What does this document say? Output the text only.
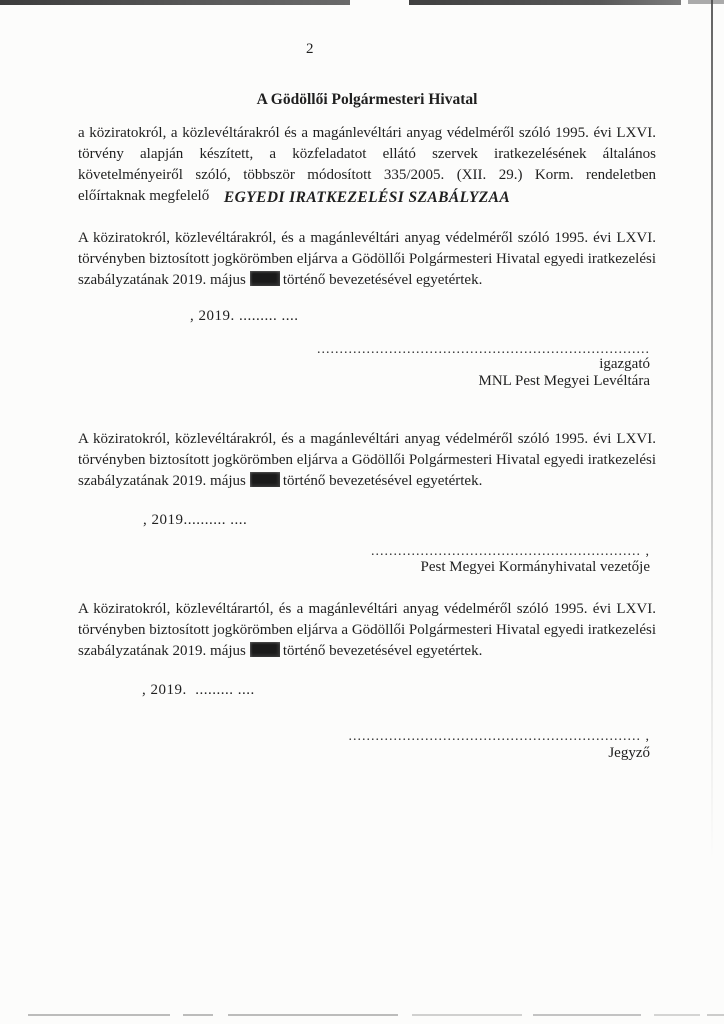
2
A Gödöllői Polgármesteri Hivatal

a köziratokról, a közlevéltárakról és a magánlevéltári anyag védelméről szóló 1995. évi LXVI. törvény alapján készített, a közfeladatot ellátó szervek iratkezelésének általános követelményeiről szóló, többször módosított 335/2005. (XII. 29.) Korm. rendeletben előírtaknak megfelelő EGYEDI IRATKEZELÉSI SZABÁLYZAA

A köziratokról, közlevéltárakról, és a magánlevéltári anyag védelméről szóló 1995. évi LXVI. törvényben biztosított jogkörömben eljárva a Gödöllői Polgármesteri Hivatal egyedi iratkezelési szabályzatának 2019. május történő bevezetésével egyetértek.

, 2019. ......... ....
..........................................................................
igazgató
MNL Pest Megyei Levéltára

A köziratokról, közlevéltárakról, és a magánlevéltári anyag védelméről szóló 1995. évi LXVI. törvényben biztosított jogkörömben eljárva a Gödöllői Polgármesteri Hivatal egyedi iratkezelési szabályzatának 2019. május történő bevezetésével egyetértek.

, 2019.......... ....
............................................................ ,
Pest Megyei Kormányhivatal vezetője

A köziratokról, közlevéltárartól, és a magánlevéltári anyag védelméről szóló 1995. évi LXVI. törvényben biztosított jogkörömben eljárva a Gödöllői Polgármesteri Hivatal egyedi iratkezelési szabályzatának 2019. május történő bevezetésével egyetértek.

, 2019.  ......... ....
................................................................. ,
Jegyző
